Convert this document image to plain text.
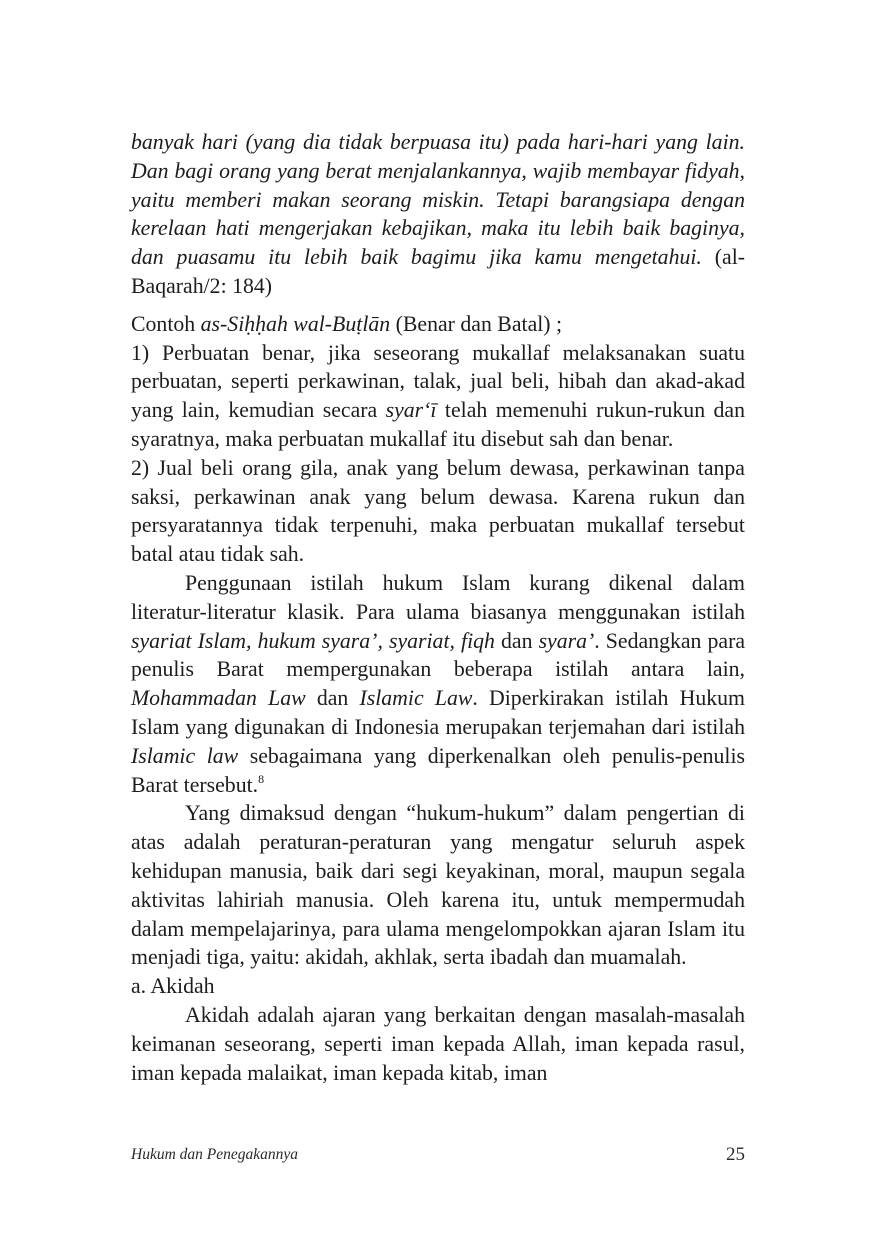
banyak hari (yang dia tidak berpuasa itu) pada hari-hari yang lain. Dan bagi orang yang berat menjalankannya, wajib membayar fidyah, yaitu memberi makan seorang miskin. Tetapi barangsiapa dengan kerelaan hati mengerjakan kebajikan, maka itu lebih baik baginya, dan puasamu itu lebih baik bagimu jika kamu mengetahui. (al-Baqarah/2: 184)

Contoh as-Siḥḥah wal-Buṭlān (Benar dan Batal) ;

1) Perbuatan benar, jika seseorang mukallaf melaksanakan suatu perbuatan, seperti perkawinan, talak, jual beli, hibah dan akad-akad yang lain, kemudian secara syar‘ī telah memenuhi rukun-rukun dan syaratnya, maka perbuatan mukallaf itu disebut sah dan benar.

2) Jual beli orang gila, anak yang belum dewasa, perkawinan tanpa saksi, perkawinan anak yang belum dewasa. Karena rukun dan persyaratannya tidak terpenuhi, maka perbuatan mukallaf tersebut batal atau tidak sah.

Penggunaan istilah hukum Islam kurang dikenal dalam literatur-literatur klasik. Para ulama biasanya menggunakan istilah syariat Islam, hukum syara’, syariat, fiqh dan syara’. Sedangkan para penulis Barat mempergunakan beberapa istilah antara lain, Mohammadan Law dan Islamic Law. Diperkirakan istilah Hukum Islam yang digunakan di Indonesia merupakan terjemahan dari istilah Islamic law sebagaimana yang diperkenalkan oleh penulis-penulis Barat tersebut.$^8$

Yang dimaksud dengan “hukum-hukum” dalam pengertian di atas adalah peraturan-peraturan yang mengatur seluruh aspek kehidupan manusia, baik dari segi keyakinan, moral, maupun segala aktivitas lahiriah manusia. Oleh karena itu, untuk mempermudah dalam mempelajarinya, para ulama mengelompokkan ajaran Islam itu menjadi tiga, yaitu: akidah, akhlak, serta ibadah dan muamalah.

a. Akidah

Akidah adalah ajaran yang berkaitan dengan masalah-masalah keimanan seseorang, seperti iman kepada Allah, iman kepada rasul, iman kepada malaikat, iman kepada kitab, iman

Hukum dan Penegakannya	25
